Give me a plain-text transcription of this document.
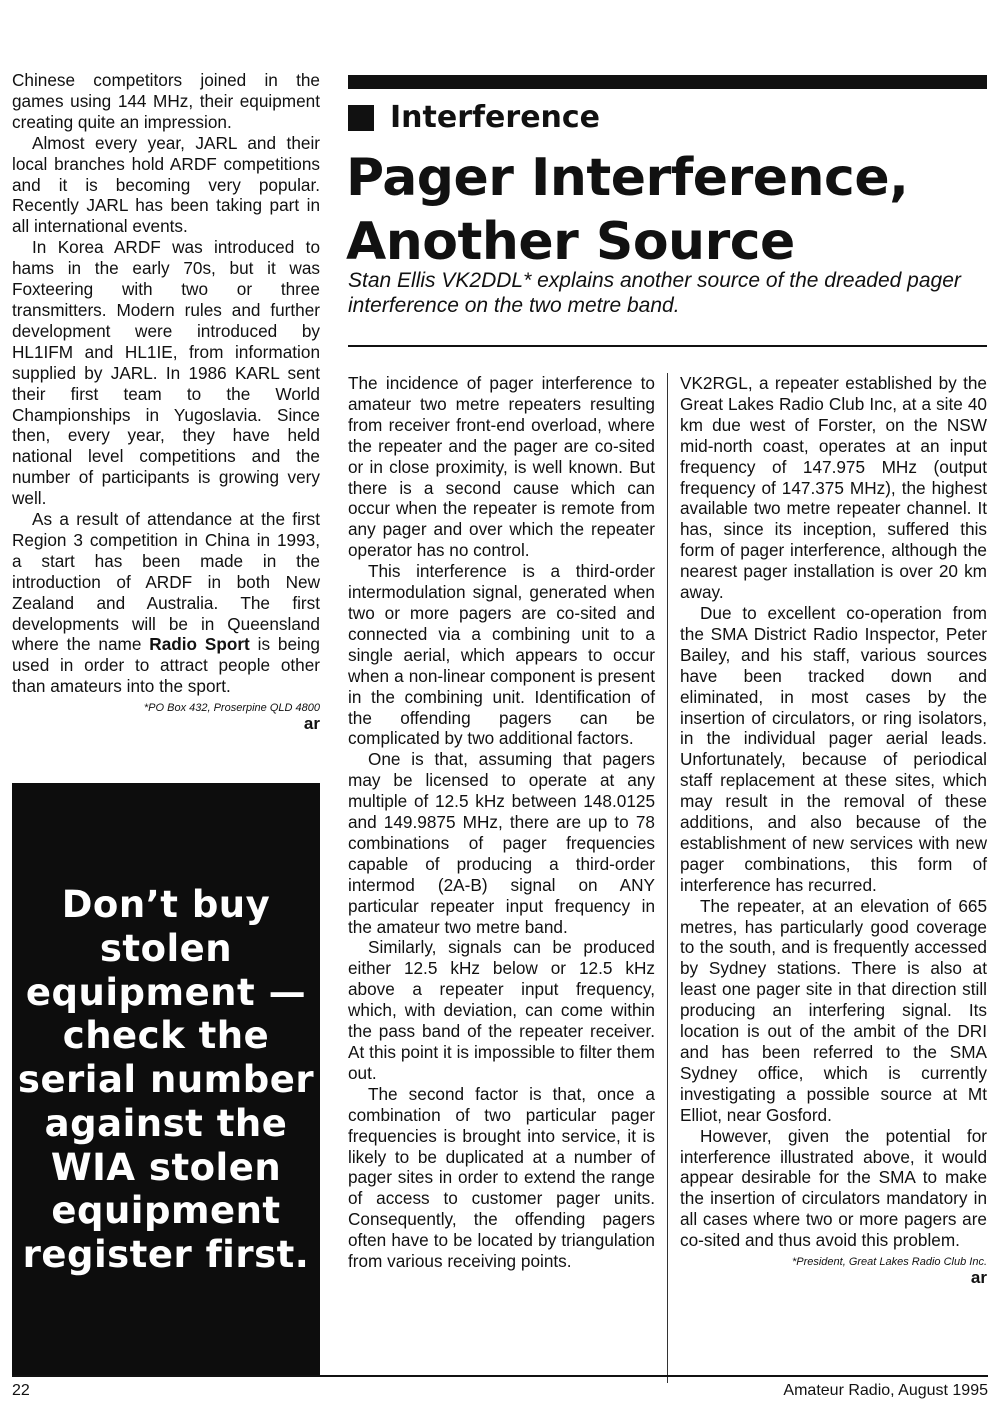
Chinese competitors joined in the games using 144 MHz, their equipment creating quite an impression.

Almost every year, JARL and their local branches hold ARDF competitions and it is becoming very popular. Recently JARL has been taking part in all international events.

In Korea ARDF was introduced to hams in the early 70s, but it was Foxteering with two or three transmitters. Modern rules and further development were introduced by HL1IFM and HL1IE, from information supplied by JARL. In 1986 KARL sent their first team to the World Championships in Yugoslavia. Since then, every year, they have held national level competitions and the number of participants is growing very well.

As a result of attendance at the first Region 3 competition in China in 1993, a start has been made in the introduction of ARDF in both New Zealand and Australia. The first developments will be in Queensland where the name Radio Sport is being used in order to attract people other than amateurs into the sport.

*PO Box 432, Proserpine QLD 4800
ar
Don’t buy stolen equipment — check the serial number against the WIA stolen equipment register first.
Interference
Pager Interference,
Another Source

Stan Ellis VK2DDL* explains another source of the dreaded pager interference on the two metre band.

The incidence of pager interference to amateur two metre repeaters resulting from receiver front-end overload, where the repeater and the pager are co-sited or in close proximity, is well known. But there is a second cause which can occur when the repeater is remote from any pager and over which the repeater operator has no control.

This interference is a third-order intermodulation signal, generated when two or more pagers are co-sited and connected via a combining unit to a single aerial, which appears to occur when a non-linear component is present in the combining unit. Identification of the offending pagers can be complicated by two additional factors.

One is that, assuming that pagers may be licensed to operate at any multiple of 12.5 kHz between 148.0125 and 149.9875 MHz, there are up to 78 combinations of pager frequencies capable of producing a third-order intermod (2A-B) signal on ANY particular repeater input frequency in the amateur two metre band.

Similarly, signals can be produced either 12.5 kHz below or 12.5 kHz above a repeater input frequency, which, with deviation, can come within the pass band of the repeater receiver. At this point it is impossible to filter them out.

The second factor is that, once a combination of two particular pager frequencies is brought into service, it is likely to be duplicated at a number of pager sites in order to extend the range of access to customer pager units. Consequently, the offending pagers often have to be located by triangulation from various receiving points.

VK2RGL, a repeater established by the Great Lakes Radio Club Inc, at a site 40 km due west of Forster, on the NSW mid-north coast, operates at an input frequency of 147.975 MHz (output frequency of 147.375 MHz), the highest available two metre repeater channel. It has, since its inception, suffered this form of pager interference, although the nearest pager installation is over 20 km away.

Due to excellent co-operation from the SMA District Radio Inspector, Peter Bailey, and his staff, various sources have been tracked down and eliminated, in most cases by the insertion of circulators, or ring isolators, in the individual pager aerial leads. Unfortunately, because of periodical staff replacement at these sites, which may result in the removal of these additions, and also because of the establishment of new services with new pager combinations, this form of interference has recurred.

The repeater, at an elevation of 665 metres, has particularly good coverage to the south, and is frequently accessed by Sydney stations. There is also at least one pager site in that direction still producing an interfering signal. Its location is out of the ambit of the DRI and has been referred to the SMA Sydney office, which is currently investigating a possible source at Mt Elliot, near Gosford.

However, given the potential for interference illustrated above, it would appear desirable for the SMA to make the insertion of circulators mandatory in all cases where two or more pagers are co-sited and thus avoid this problem.

*President, Great Lakes Radio Club Inc.
ar
22	Amateur Radio, August 1995
